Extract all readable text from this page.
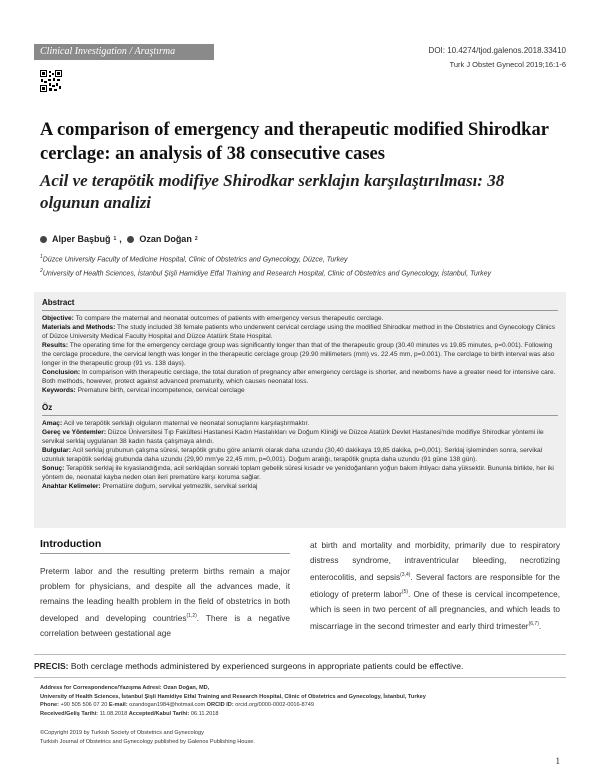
Clinical Investigation / Araştırma	DOI: 10.4274/tjod.galenos.2018.33410
Turk J Obstet Gynecol 2019;16:1-6
A comparison of emergency and therapeutic modified Shirodkar cerclage: an analysis of 38 consecutive cases
Acil ve terapötik modifiye Shirodkar serklajın karşılaştırılması: 38 olgunun analizi
Alper Başbuğ 1 , Ozan Doğan 2
$^1$Düzce University Faculty of Medicine Hospital, Clinic of Obstetrics and Gynecology, Düzce, Turkey
$^2$University of Health Sciences, İstanbul Şişli Hamidiye Etfal Training and Research Hospital, Clinic of Obstetrics and Gynecology, İstanbul, Turkey
Abstract

Objective: To compare the maternal and neonatal outcomes of patients with emergency versus therapeutic cerclage.

Materials and Methods: The study included 38 female patients who underwent cervical cerclage using the modified Shirodkar method in the Obstetrics and Gynecology Clinics of Düzce University Medical Faculty Hospital and Düzce Atatürk State Hospital.

Results: The operating time for the emergency cerclage group was significantly longer than that of the therapeutic group (30.40 minutes vs 19.85 minutes, p=0.001). Following the cerclage procedure, the cervical length was longer in the therapeutic cerclage group (29.90 millimeters (mm) vs. 22.45 mm, p=0.001). The cerclage to birth interval was also longer in the therapeutic group (91 vs. 138 days).

Conclusion: In comparison with therapeutic cerclage, the total duration of pregnancy after emergency cerclage is shorter, and newborns have a greater need for intensive care. Both methods, however, protect against advanced prematurity, which causes neonatal loss.

Keywords: Premature birth, cervical incompetence, cervical cerclage

Öz

Amaç: Acil ve terapötik serklajlı olguların maternal ve neonatal sonuçlarını karşılaştırmaktır.

Gereç ve Yöntemler: Düzce Üniversitesi Tıp Fakültesi Hastanesi Kadın Hastalıkları ve Doğum Kliniği ve Düzce Atatürk Devlet Hastanesi'nde modifiye Shirodkar yöntemi ile servikal serklaj uygulanan 38 kadın hasta çalışmaya alındı.

Bulgular: Acil serklaj grubunun çalışma süresi, terapötik grubu göre anlamlı olarak daha uzundu (30,40 dakikaya 19,85 dakika, p=0,001). Serklaj işleminden sonra, servikal uzunluk terapötik serklaj grubunda daha uzundu (29,90 mm'ye 22,45 mm, p=0,001). Doğum aralığı, terapötik grupta daha uzundu (91 güne 138 gün).

Sonuç: Terapötik serklaj ile kıyaslandığında, acil serklajdan sonraki toplam gebelik süresi kısadır ve yenidoğanların yoğun bakım ihtiyacı daha yüksektir. Bununla birlikte, her iki yöntem de, neonatal kayba neden olan ileri prematüre karşı koruma sağlar.

Anahtar Kelimeler: Prematüre doğum, servikal yetmezlik, servikal serklaj

Introduction

Preterm labor and the resulting preterm births remain a major problem for physicians, and despite all the advances made, it remains the leading health problem in the field of obstetrics in both developed and developing countries$^{(1,2)}$. There is a negative correlation between gestational age

at birth and mortality and morbidity, primarily due to respiratory distress syndrome, intraventricular bleeding, necrotizing enterocolitis, and sepsis$^{(3,4)}$. Several factors are responsible for the etiology of preterm labor$^{(5)}$. One of these is cervical incompetence, which is seen in two percent of all pregnancies, and which leads to miscarriage in the second trimester and early third trimester$^{(6,7)}$.

PRECIS: Both cerclage methods administered by experienced surgeons in appropriate patients could be effective.
Address for Correspondence/Yazışma Adresi: Ozan Doğan, MD,
University of Health Sciences, İstanbul Şişli Hamidiye Etfal Training and Research Hospital, Clinic of Obstetrics and Gynecology, İstanbul, Turkey
Phone: +90 505 506 07 20 E-mail: ozandogan1984@hotmail.com ORCID ID: orcid.org/0000-0002-0016-8749
Received/Geliş Tarihi: 11.08.2018 Accepted/Kabul Tarihi: 06.11.2018
©Copyright 2019 by Turkish Society of Obstetrics and Gynecology
Turkish Journal of Obstetrics and Gynecology published by Galenos Publishing House.
1
